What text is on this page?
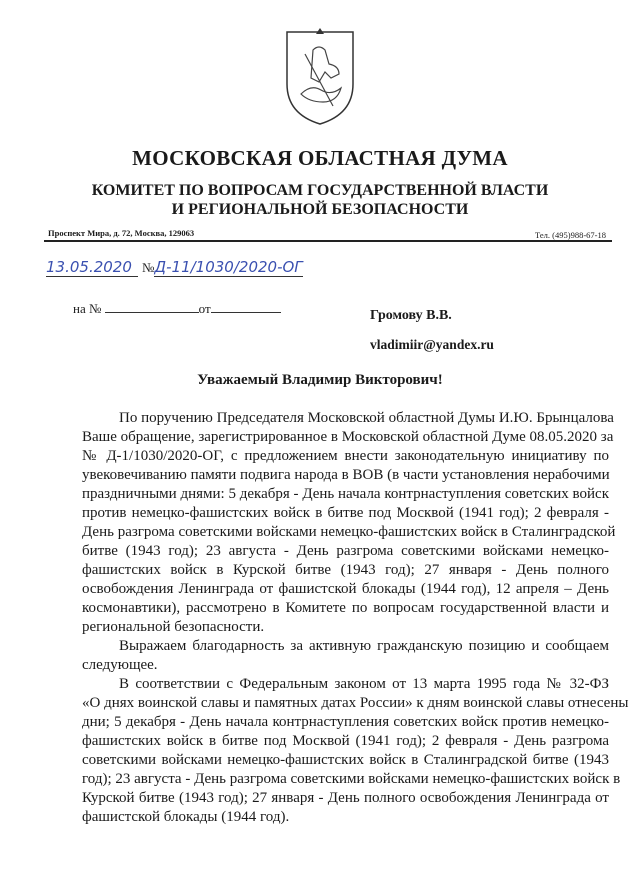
МОСКОВСКАЯ ОБЛАСТНАЯ ДУМА
КОМИТЕТ ПО ВОПРОСАМ ГОСУДАРСТВЕННОЙ ВЛАСТИ
И РЕГИОНАЛЬНОЙ БЕЗОПАСНОСТИ
Проспект Мира, д. 72, Москва, 129063	Тел. (495)988-67-18
13.05.2020 №Д-11/1030/2020-ОГ
на №	от	Громову В.В.
vladimiir@yandex.ru
Уважаемый Владимир Викторович!
По поручению Председателя Московской областной Думы И.Ю. Брынцалова
Ваше обращение, зарегистрированное в Московской областной Думе 08.05.2020 за
№ Д-1/1030/2020-ОГ, с предложением внести законодательную инициативу по
увековечиванию памяти подвига народа в ВОВ (в части установления нерабочими
праздничными днями: 5 декабря - День начала контрнаступления советских войск
против немецко-фашистских войск в битве под Москвой (1941 год); 2 февраля -
День разгрома советскими войсками немецко-фашистских войск в Сталинградской
битве (1943 год); 23 августа - День разгрома советскими войсками немецко-
фашистских войск в Курской битве (1943 год); 27 января - День полного
освобождения Ленинграда от фашистской блокады (1944 год), 12 апреля – День
космонавтики), рассмотрено в Комитете по вопросам государственной власти и
региональной безопасности.
Выражаем благодарность за активную гражданскую позицию и сообщаем
следующее.
В соответствии с Федеральным законом от 13 марта 1995 года № 32-ФЗ
«О днях воинской славы и памятных датах России» к дням воинской славы отнесены
дни; 5 декабря - День начала контрнаступления советских войск против немецко-
фашистских войск в битве под Москвой (1941 год); 2 февраля - День разгрома
советскими войсками немецко-фашистских войск в Сталинградской битве (1943
год); 23 августа - День разгрома советскими войсками немецко-фашистских войск в
Курской битве (1943 год); 27 января - День полного освобождения Ленинграда от
фашистской блокады (1944 год).
